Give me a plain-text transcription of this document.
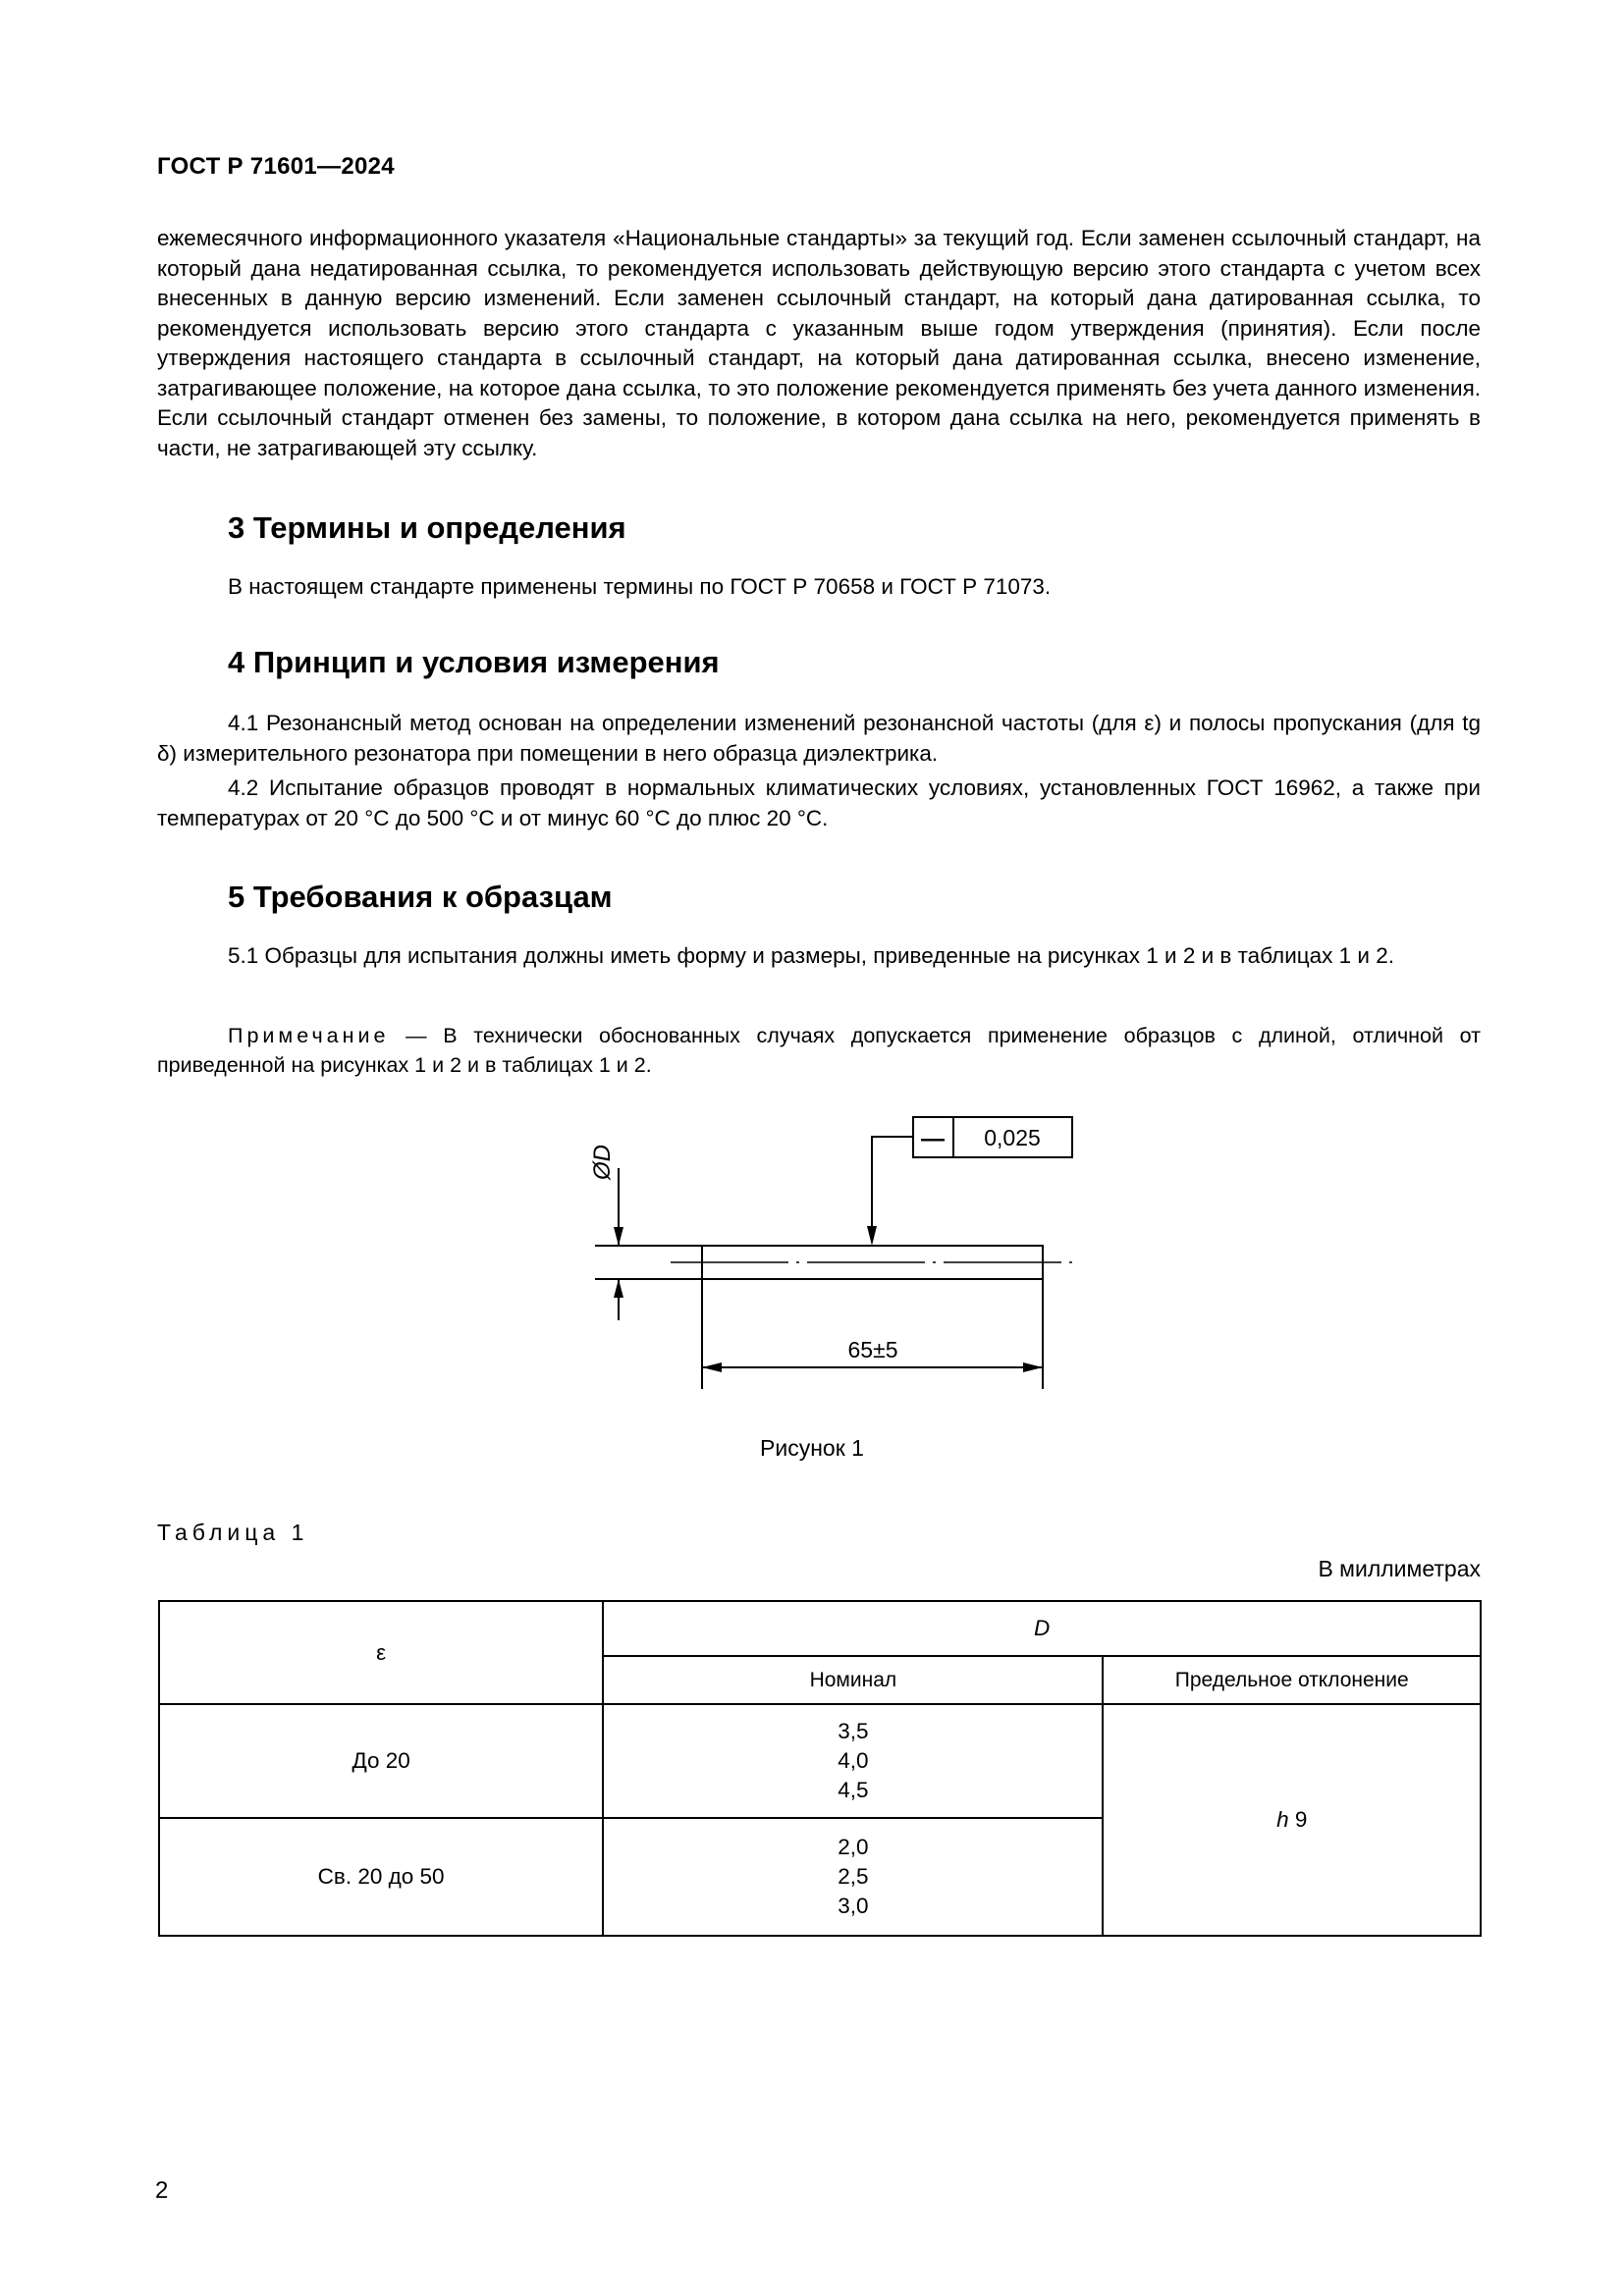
ГОСТ Р 71601—2024
ежемесячного информационного указателя «Национальные стандарты» за текущий год. Если заменен ссылочный стандарт, на который дана недатированная ссылка, то рекомендуется использовать действующую версию этого стандарта с учетом всех внесенных в данную версию изменений. Если заменен ссылочный стандарт, на который дана датированная ссылка, то рекомендуется использовать версию этого стандарта с указанным выше годом утверждения (принятия). Если после утверждения настоящего стандарта в ссылочный стандарт, на который дана датированная ссылка, внесено изменение, затрагивающее положение, на которое дана ссылка, то это положение рекомендуется применять без учета данного изменения. Если ссылочный стандарт отменен без замены, то положение, в котором дана ссылка на него, рекомендуется применять в части, не затрагивающей эту ссылку.
3 Термины и определения
В настоящем стандарте применены термины по ГОСТ Р 70658 и ГОСТ Р 71073.
4 Принцип и условия измерения
4.1 Резонансный метод основан на определении изменений резонансной частоты (для ε) и полосы пропускания (для tg δ) измерительного резонатора при помещении в него образца диэлектрика.
4.2 Испытание образцов проводят в нормальных климатических условиях, установленных ГОСТ 16962, а также при температурах от 20 °C до 500 °C и от минус 60 °C до плюс 20 °C.
5 Требования к образцам
5.1 Образцы для испытания должны иметь форму и размеры, приведенные на рисунках 1 и 2 и в таблицах 1 и 2.
Примечание — В технически обоснованных случаях допускается применение образцов с длиной, отличной от приведенной на рисунках 1 и 2 и в таблицах 1 и 2.
— 0,025
ØD
65±5
Рисунок 1
Таблица 1
В миллиметрах
ε	D	
	Номинал	Предельное отклонение
До 20	3,5
4,0
4,5	h 9
Св. 20 до 50	2,0
2,5
3,0	
2
